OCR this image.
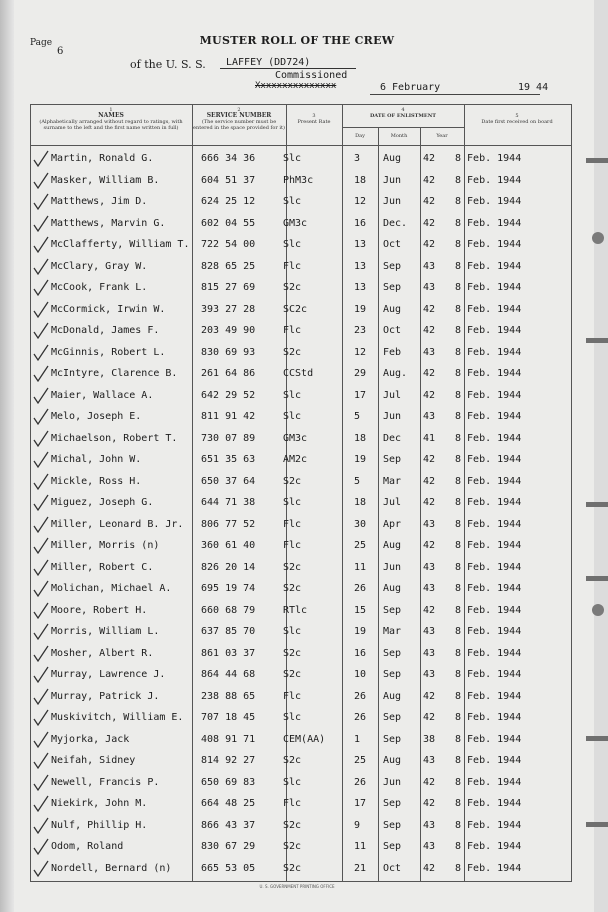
Page
6
MUSTER ROLL OF THE CREW
of the U. S. S.	LAFFEY (DD724)
Commissioned
Xxxxxxxxxxxxxxx	6 February	19 44
1
NAMES
(Alphabetically arranged without regard to ratings, with surname to the left and the first name written in full)
2
SERVICE NUMBER
(The service number must be entered in the space provided for it)
3
Present Rate
4
DATE OF ENLISTMENT
Day	Month	Year
5
Date first received on board
Martin, Ronald G.	666 34 36	Slc	3 Aug 42 8 Feb. 1944
Masker, William B.	604 51 37	PhM3c	18 Jun 42 8 Feb. 1944
Matthews, Jim D.	624 25 12	Slc	12 Jun 42 8 Feb. 1944
Matthews, Marvin G.	602 04 55	GM3c	16 Dec. 42 8 Feb. 1944
McClafferty, William T. 722 54 00	Slc	13 Oct 42 8 Feb. 1944
McClary, Gray W.	828 65 25	Flc	13 Sep 43 8 Feb. 1944
McCook, Frank L.	815 27 69	S2c	13 Sep 43 8 Feb. 1944
McCormick, Irwin W.	393 27 28	SC2c	19 Aug 42 8 Feb. 1944
McDonald, James F.	203 49 90	Flc	23 Oct 42 8 Feb. 1944
McGinnis, Robert L.	830 69 93	S2c	12 Feb 43 8 Feb. 1944
McIntyre, Clarence B. 261 64 86	CCStd	29 Aug. 42 8 Feb. 1944
Maier, Wallace A.	642 29 52	Slc	17 Jul 42 8 Feb. 1944
Melo, Joseph E.	811 91 42	Slc	5 Jun 43 8 Feb. 1944
Michaelson, Robert T. 730 07 89	GM3c	18 Dec 41 8 Feb. 1944
Michal, John W.	651 35 63	AM2c	19 Sep 42 8 Feb. 1944
Mickle, Ross H.	650 37 64	S2c	5 Mar 42 8 Feb. 1944
Miguez, Joseph G.	644 71 38	Slc	18 Jul 42 8 Feb. 1944
Miller, Leonard B. Jr. 806 77 52	Flc	30 Apr 43 8 Feb. 1944
Miller, Morris (n)	360 61 40	Flc	25 Aug 42 8 Feb. 1944
Miller, Robert C.	826 20 14	S2c	11 Jun 43 8 Feb. 1944
Molichan, Michael A.	695 19 74	S2c	26 Aug 43 8 Feb. 1944
Moore, Robert H.	660 68 79	RTlc	15 Sep 42 8 Feb. 1944
Morris, William L.	637 85 70	Slc	19 Mar 43 8 Feb. 1944
Mosher, Albert R.	861 03 37	S2c	16 Sep 43 8 Feb. 1944
Murray, Lawrence J.	864 44 68	S2c	10 Sep 43 8 Feb. 1944
Murray, Patrick J.	238 88 65	Flc	26 Aug 42 8 Feb. 1944
Muskivitch, William E. 707 18 45	Slc	26 Sep 42 8 Feb. 1944
Myjorka, Jack	408 91 71	CEM(AA)	1 Sep 38 8 Feb. 1944
Neifah, Sidney	814 92 27	S2c	25 Aug 43 8 Feb. 1944
Newell, Francis P.	650 69 83	Slc	26 Jun 42 8 Feb. 1944
Niekirk, John M.	664 48 25	Flc	17 Sep 42 8 Feb. 1944
Nulf, Phillip H.	866 43 37	S2c	9 Sep 43 8 Feb. 1944
Odom, Roland	830 67 29	S2c	11 Sep 43 8 Feb. 1944
Nordell, Bernard (n)	665 53 05	S2c	21 Oct 42 8 Feb. 1944
U. S. GOVERNMENT PRINTING OFFICE
